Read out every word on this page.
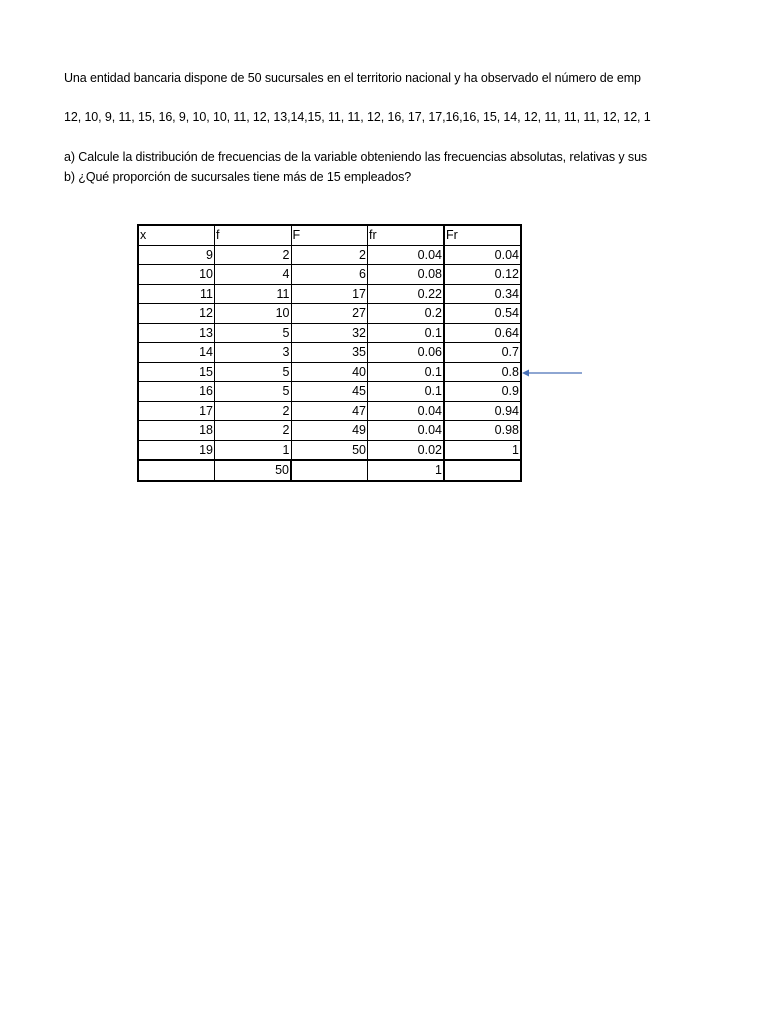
Una entidad bancaria dispone de 50 sucursales en el territorio nacional y ha observado el número de emp
12, 10, 9, 11, 15, 16, 9, 10, 10, 11, 12, 13,14,15, 11, 11, 12, 16, 17, 17,16,16, 15, 14, 12, 11, 11, 11, 12, 12, 1
a) Calcule la distribución de frecuencias de la variable obteniendo las frecuencias absolutas, relativas y sus
b) ¿Qué proporción de sucursales tiene más de 15 empleados?
x	f	F	fr	Fr
9	2	2	0.04	0.04
10	4	6	0.08	0.12
11	11	17	0.22	0.34
12	10	27	0.2	0.54
13	5	32	0.1	0.64
14	3	35	0.06	0.7
15	5	40	0.1	0.8
16	5	45	0.1	0.9
17	2	47	0.04	0.94
18	2	49	0.04	0.98
19	1	50	0.02	1
	50		1	
